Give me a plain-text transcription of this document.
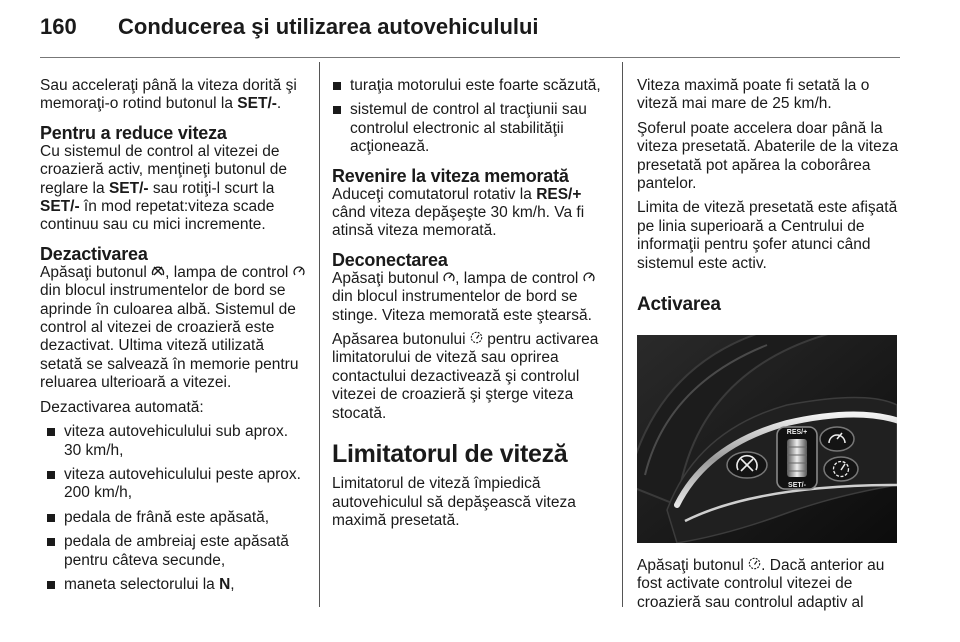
160	Conducerea şi utilizarea autovehiculului

Sau acceleraţi până la viteza dorită şi memoraţi-o rotind butonul la SET/-.

Pentru a reduce viteza

Cu sistemul de control al vitezei de croazieră activ, menţineţi butonul de reglare la SET/- sau rotiţi-l scurt la SET/- în mod repetat:viteza scade continuu sau cu mici incremente.

Dezactivarea

Apăsaţi butonul , lampa de control  din blocul instrumentelor de bord se aprinde în culoarea albă. Sistemul de control al vitezei de croazieră este dezactivat. Ultima viteză utilizată setată se salvează în memorie pentru reluarea ulterioară a vitezei.

Dezactivarea automată:

viteza autovehiculului sub aprox. 30 km/h,
viteza autovehiculului peste aprox. 200 km/h,
pedala de frână este apăsată,
pedala de ambreiaj este apăsată pentru câteva secunde,
maneta selectorului la N,
turaţia motorului este foarte scăzută,
sistemul de control al tracţiunii sau controlul electronic al stabilităţii acţionează.
Revenire la viteza memorată

Aduceţi comutatorul rotativ la RES/+ când viteza depăşeşte 30 km/h. Va fi atinsă viteza memorată.

Deconectarea

Apăsaţi butonul , lampa de control  din blocul instrumentelor de bord se stinge. Viteza memorată este ştearsă.

Apăsarea butonului  pentru activarea limitatorului de viteză sau oprirea contactului dezactivează şi controlul vitezei de croazieră şi şterge viteza stocată.

Limitatorul de viteză

Limitatorul de viteză împiedică autovehiculul să depăşească viteza maximă presetată.

Viteza maximă poate fi setată la o viteză mai mare de 25 km/h.

Şoferul poate accelera doar până la viteza presetată. Abaterile de la viteza presetată pot apărea la coborârea pantelor.

Limita de viteză presetată este afişată pe linia superioară a Centrului de informaţii pentru şofer atunci când sistemul este activ.

Activarea
RES/+
SET/-

Apăsaţi butonul . Dacă anterior au fost activate controlul vitezei de croazieră sau controlul adaptiv al
